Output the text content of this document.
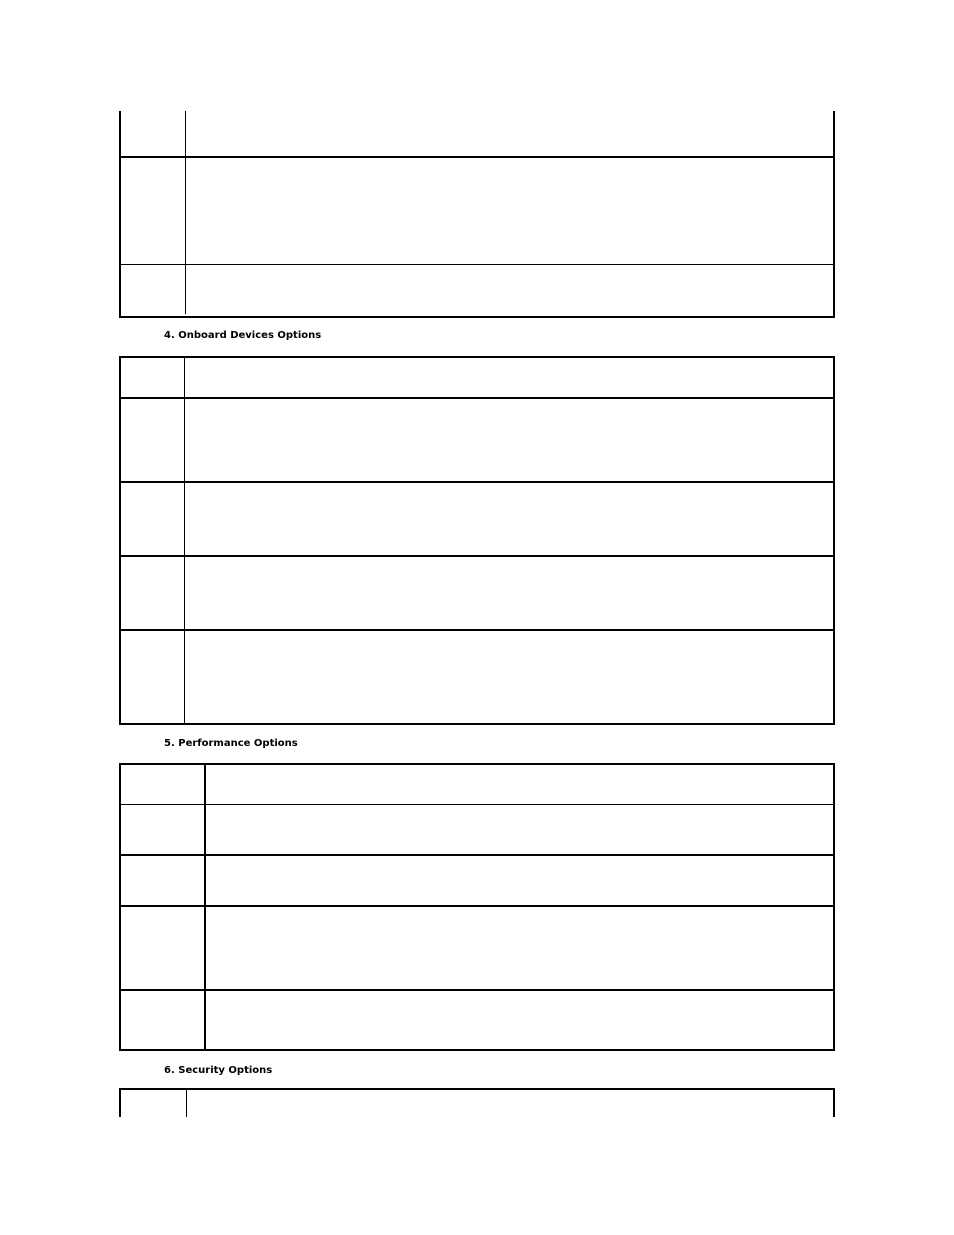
4. Onboard Devices Options
5. Performance Options
6. Security Options
